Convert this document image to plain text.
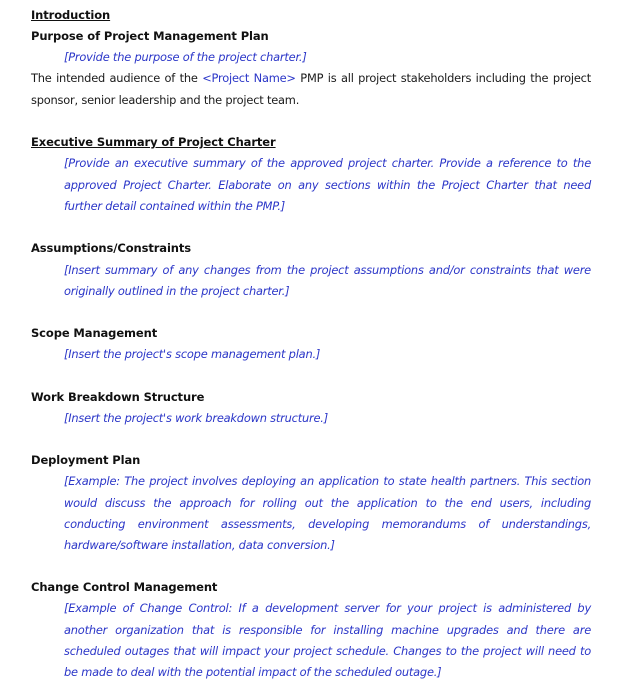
Introduction
Purpose of Project Management Plan
[Provide the purpose of the project charter.]
The intended audience of the <Project Name> PMP is all project stakeholders including the project
sponsor, senior leadership and the project team.
Executive Summary of Project Charter
[Provide an executive summary of the approved project charter. Provide a reference to the
approved Project Charter. Elaborate on any sections within the Project Charter that need
further detail contained within the PMP.]
Assumptions/Constraints
[Insert summary of any changes from the project assumptions and/or constraints that were
originally outlined in the project charter.]
Scope Management
[Insert the project's scope management plan.]
Work Breakdown Structure
[Insert the project's work breakdown structure.]
Deployment Plan
[Example: The project involves deploying an application to state health partners. This section
would discuss the approach for rolling out the application to the end users, including
conducting environment assessments, developing memorandums of understandings,
hardware/software installation, data conversion.]
Change Control Management
[Example of Change Control: If a development server for your project is administered by
another organization that is responsible for installing machine upgrades and there are
scheduled outages that will impact your project schedule. Changes to the project will need to
be made to deal with the potential impact of the scheduled outage.]
